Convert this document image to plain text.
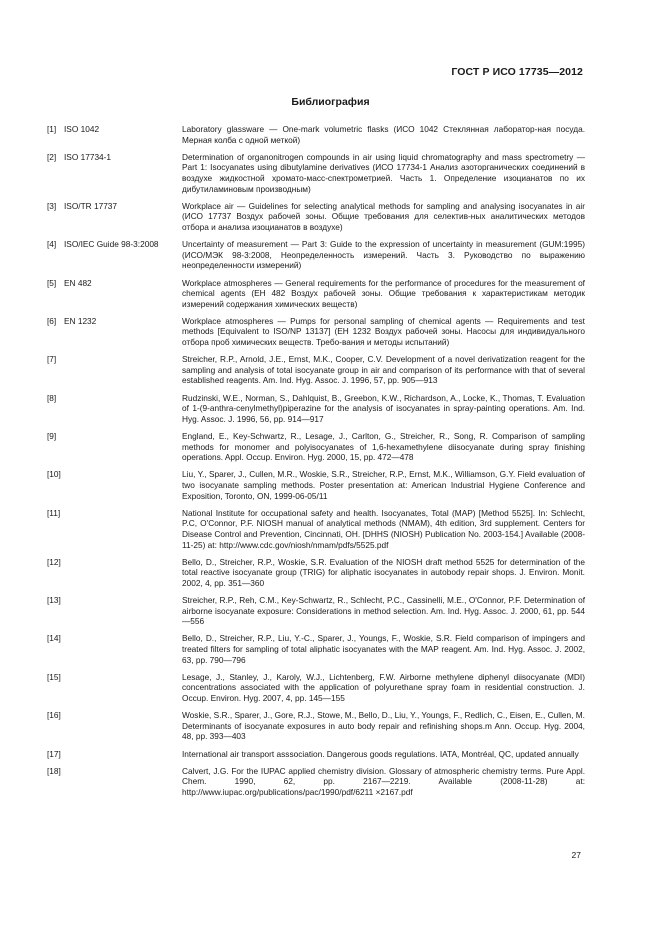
ГОСТ Р ИСО 17735—2012
Библиография
[1] ISO 1042	Laboratory glassware — One-mark volumetric flasks (ИСО 1042 Стеклянная лаборатор-ная посуда. Мерная колба с одной меткой)
[2] ISO 17734-1	Determination of organonitrogen compounds in air using liquid chromatography and mass spectrometry — Part 1: Isocyanates using dibutylamine derivatives (ИСО 17734-1 Анализ азоторганических соединений в воздухе жидкостной хромато-масс-спектрометрией. Часть 1. Определение изоцианатов по их дибутиламиновым производным)
[3] ISO/TR 17737	Workplace air — Guidelines for selecting analytical methods for sampling and analysing isocyanates in air (ИСО 17737 Воздух рабочей зоны. Общие требования для селектив-ных аналитических методов отбора и анализа изоцианатов в воздухе)
[4] ISO/IEC Guide 98-3:2008	Uncertainty of measurement — Part 3: Guide to the expression of uncertainty in measurement (GUM:1995) (ИСО/МЭК 98-3:2008, Неопределенность измерений. Часть 3. Руководство по выражению неопределенности измерений)
[5] EN 482	Workplace atmospheres — General requirements for the performance of procedures for the measurement of chemical agents (ЕН 482 Воздух рабочей зоны. Общие требования к характеристикам методик измерений содержания химических веществ)
[6] EN 1232	Workplace atmospheres — Pumps for personal sampling of chemical agents — Requirements and test methods [Equivalent to ISO/NP 13137] (ЕН 1232 Воздух рабочей зоны. Насосы для индивидуального отбора проб химических веществ. Требо-вания и методы испытаний)
[7]	Streicher, R.P., Arnold, J.E., Ernst, M.K., Cooper, C.V. Development of a novel derivatization reagent for the sampling and analysis of total isocyanate group in air and comparison of its performance with that of several established reagents. Am. Ind. Hyg. Assoc. J. 1996, 57, pp. 905—913
[8]	Rudzinski, W.E., Norman, S., Dahlquist, B., Greebon, K.W., Richardson, A., Locke, K., Thomas, T. Evaluation of 1-(9-anthra-cenylmethyl)piperazine for the analysis of isocyanates in spray-painting operations. Am. Ind. Hyg. Assoc. J. 1996, 56, pp. 914—917
[9]	England, E., Key-Schwartz, R., Lesage, J., Carlton, G., Streicher, R., Song, R. Comparison of sampling methods for monomer and polyisocyanates of 1,6-hexamethylene diisocyanate during spray finishing operations. Appl. Occup. Environ. Hyg. 2000, 15, pp. 472—478
[10]	Liu, Y., Sparer, J., Cullen, M.R., Woskie, S.R., Streicher, R.P., Ernst, M.K., Williamson, G.Y. Field evaluation of two isocyanate sampling methods. Poster presentation at: American Industrial Hygiene Conference and Exposition, Toronto, ON, 1999-06-05/11
[11]	National Institute for occupational safety and health. Isocyanates, Total (MAP) [Method 5525]. In: Schlecht, P.C, O'Connor, P.F. NIOSH manual of analytical methods (NMAM), 4th edition, 3rd supplement. Centers for Disease Control and Prevention, Cincinnati, OH. [DHHS (NIOSH) Publication No. 2003-154.] Available (2008-11-25) at: http://www.cdc.gov/niosh/nmam/pdfs/5525.pdf
[12]	Bello, D., Streicher, R.P., Woskie, S.R. Evaluation of the NIOSH draft method 5525 for determination of the total reactive isocyanate group (TRIG) for aliphatic isocyanates in autobody repair shops. J. Environ. Monit. 2002, 4, pp. 351—360
[13]	Streicher, R.P., Reh, C.M., Key-Schwartz, R., Schlecht, P.C., Cassinelli, M.E., O'Connor, P.F. Determination of airborne isocyanate exposure: Considerations in method selection. Am. Ind. Hyg. Assoc. J. 2000, 61, pp. 544—556
[14]	Bello, D., Streicher, R.P., Liu, Y.-C., Sparer, J., Youngs, F., Woskie, S.R. Field comparison of impingers and treated filters for sampling of total aliphatic isocyanates with the MAP reagent. Am. Ind. Hyg. Assoc. J. 2002, 63, pp. 790—796
[15]	Lesage, J., Stanley, J., Karoly, W.J., Lichtenberg, F.W. Airborne methylene diphenyl diisocyanate (MDI) concentrations associated with the application of polyurethane spray foam in residential construction. J. Occup. Environ. Hyg. 2007, 4, pp. 145—155
[16]	Woskie, S.R., Sparer, J., Gore, R.J., Stowe, M., Bello, D., Liu, Y., Youngs, F., Redlich, C., Eisen, E., Cullen, M. Determinants of isocyanate exposures in auto body repair and refinishing shops.m Ann. Occup. Hyg. 2004, 48, pp. 393—403
[17]	International air transport asssociation. Dangerous goods regulations. IATA, Montréal, QC, updated annually
[18]	Calvert, J.G. For the IUPAC applied chemistry division. Glossary of atmospheric chemistry terms. Pure Appl. Chem. 1990, 62, pp. 2167—2219. Available (2008-11-28) at: http://www.iupac.org/publications/pac/1990/pdf/6211 ×2167.pdf
27
